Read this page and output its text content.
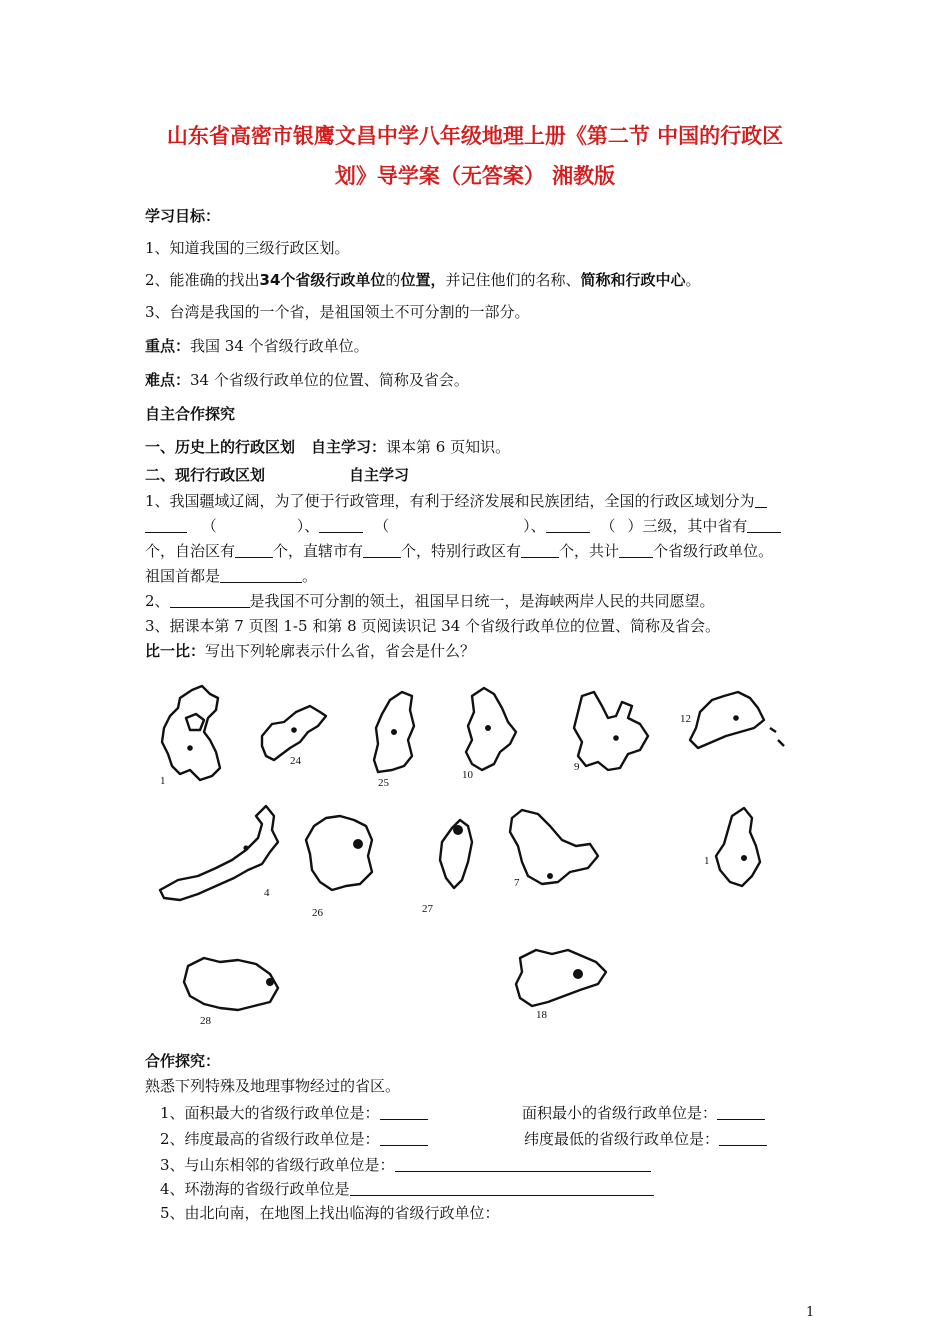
山东省高密市银鹰文昌中学八年级地理上册《第二节 中国的行政区
划》导学案（无答案） 湘教版
学习目标：
1、知道我国的三级行政区划。
2、能准确的找出34个省级行政单位的位置，并记住他们的名称、简称和行政中心。
3、台湾是我国的一个省，是祖国领土不可分割的一部分。
重点：我国 34 个省级行政单位。
难点：34 个省级行政单位的位置、简称及省会。
自主合作探究
一、历史上的行政区划 自主学习：课本第 6 页知识。
二、现行行政区划	自主学习
1、我国疆域辽阔，为了便于行政管理，有利于经济发展和民族团结，全国的行政区域划分为
（	）、	（	）、	（ ）三级，其中省有
个，自治区有	个，直辖市有	个，特别行政区有	个，共计 个省级行政单位。
祖国首都是	。
2、	是我国不可分割的领土，祖国早日统一，是海峡两岸人民的共同愿望。
3、据课本第 7 页图 1-5 和第 8 页阅读识记 34 个省级行政单位的位置、简称及省会。
比一比：写出下列轮廓表示什么省，省会是什么？
1
24
25
10
9
12
4
26	27
7
1
28	18
合作探究：
熟悉下列特殊及地理事物经过的省区。
1、面积最大的省级行政单位是：	面积最小的省级行政单位是：
2、纬度最高的省级行政单位是：	纬度最低的省级行政单位是：
3、与山东相邻的省级行政单位是：
4、环渤海的省级行政单位是
5、由北向南，在地图上找出临海的省级行政单位：
1
